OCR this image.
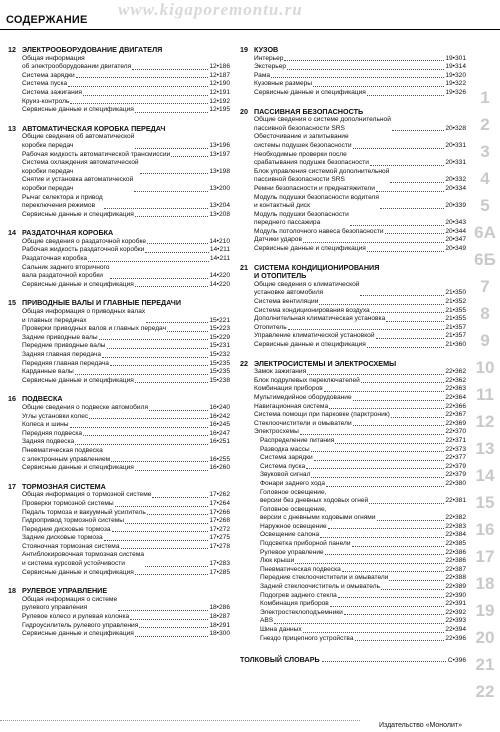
www.kigaporemontu.ru
СОДЕРЖАНИЕ
12 ЭЛЕКТРООБОРУДОВАНИЕ ДВИГАТЕЛЯ
Общая информация
об электрооборудовании двигателя	12•186
Система зарядки	12•187
Система пуска	12•190
Система зажигания	12•191
Круиз-контроль	12•192
Сервисные данные и спецификация	12•195
13 АВТОМАТИЧЕСКАЯ КОРОБКА ПЕРЕДАЧ
Общие сведения об автоматической
коробке передач	13•196
Рабочая жидкость автоматической трансмиссии	13•197
Система охлаждения автоматической
коробки передач	13•198
Снятие и установка автоматической
коробки передач	13•200
Рычаг селектора и привод
переключения режимов	13•204
Сервисные данные и спецификация	13•208
14 РАЗДАТОЧНАЯ КОРОБКА
Общие сведения о раздаточной коробке	14•210
Рабочая жидкость раздаточной коробки	14•211
Раздаточная коробка	14•211
Сальник заднего вторичного
вала раздаточной коробки	14•220
Сервисные данные и спецификация	14•220
15 ПРИВОДНЫЕ ВАЛЫ И ГЛАВНЫЕ ПЕРЕДАЧИ
Общая информация о приводных валах
и главных передачах	15•221
Проверки приводных валов и главных передач	15•223
Задние приводные валы	15•229
Передние приводные валы	15•231
Задняя главная передача	15•232
Передняя главная передача	15•235
Карданные валы	15•235
Сервисные данные и спецификация	15•238
16 ПОДВЕСКА
Общие сведения о подвеске автомобиля	16•240
Углы установки колес	16•242
Колеса и шины	16•245
Передняя подвеска	16•247
Задняя подвеска	16•251
Пневматическая подвеска
с электронным управлением	16•255
Сервисные данные и спецификация	16•260
17 ТОРМОЗНАЯ СИСТЕМА
Общая информация о тормозной системе	17•262
Проверки тормозной системы	17•264
Педаль тормоза и вакуумный усилитель	17•266
Гидропривод тормозной системы	17•268
Передние дисковые тормоза	17•272
Задние дисковые тормоза	17•275
Стояночная тормозная система	17•278
Антиблокировочная тормозная система
и система курсовой устойчивости	17•283
Сервисные данные и спецификация	17•285
18 РУЛЕВОЕ УПРАВЛЕНИЕ
Общая информация о системе
рулевого управления	18•286
Рулевое колесо и рулевая колонка	18•287
Гидроусилитель рулевого управления	18•291
Сервисные данные и спецификация	18•300
19 КУЗОВ
Интерьер	19•301
Экстерьер	19•314
Рама	19•320
Кузовные размеры	19•322
Сервисные данные и спецификация	19•326
20 ПАССИВНАЯ БЕЗОПАСНОСТЬ
Общие сведения о системе дополнительной
пассивной безопасности SRS	20•328
Обесточивание и запитывание
системы подушек безопасности	20•331
Необходимые проверки после
срабатывания подушек безопасности	20•331
Блок управления системой дополнительной
пассивной безопасности SRS	20•332
Ремни безопасности и преднатяжители	20•334
Модуль подушки безопасности водителя
и контактный диск	20•339
Модуль подушки безопасности
переднего пассажира	20•343
Модуль потолочного навеса безопасности	20•344
Датчики ударов	20•347
Сервисные данные и спецификация	20•349
21 СИСТЕМА КОНДИЦИОНИРОВАНИЯ
И ОТОПИТЕЛЬ
Общие сведения о климатической
установке автомобиля	21•350
Система вентиляции	21•352
Система кондиционирования воздуха	21•355
Дополнительная климатическая установка	21•355
Отопитель	21•357
Управление климатической установкой	21•357
Сервисные данные и спецификация	21•360
22 ЭЛЕКТРОСИСТЕМЫ И ЭЛЕКТРОСХЕМЫ
Замок зажигания	22•362
Блок подрулевых переключателей	22•362
Комбинация приборов	22•363
Мультимедийное оборудование	22•364
Навигационная система	22•366
Система помощи при парковке (парктроник)	22•367
Стеклоочистители и омыватели	22•369
Электросхемы	22•370
Распределение питания	22•371
Разводка массы	22•373
Система зарядки	22•377
Система пуска	22•379
Звуковой сигнал	22•379
Фонари заднего хода	22•380
Головное освещение,
версии без дневных ходовых огней	22•381
Головное освещение,
версии с дневными ходовыми огнями	22•382
Наружное освещение	22•383
Освещение салона	22•384
Подсветка приборной панели	22•385
Рулевое управление	22•386
Люк крыши	22•386
Пневматическая подвеска	22•387
Передние стеклоочистители и омыватели	22•388
Задний стеклоочиститель и омыватель	22•389
Подогрев заднего стекла	22•390
Комбинация приборов	22•391
Электростеклоподъемники	22•392
ABS	22•393
Шина данных	22•394
Гнездо прицепного устройства	22•396
ТОЛКОВЫЙ СЛОВАРЬ	С•396
1
2
3
4
5
6A
6Б
7
8
9
10
11
12
13
14
15
16
17
18
19
20
21
22
Издательство «Монолит»
